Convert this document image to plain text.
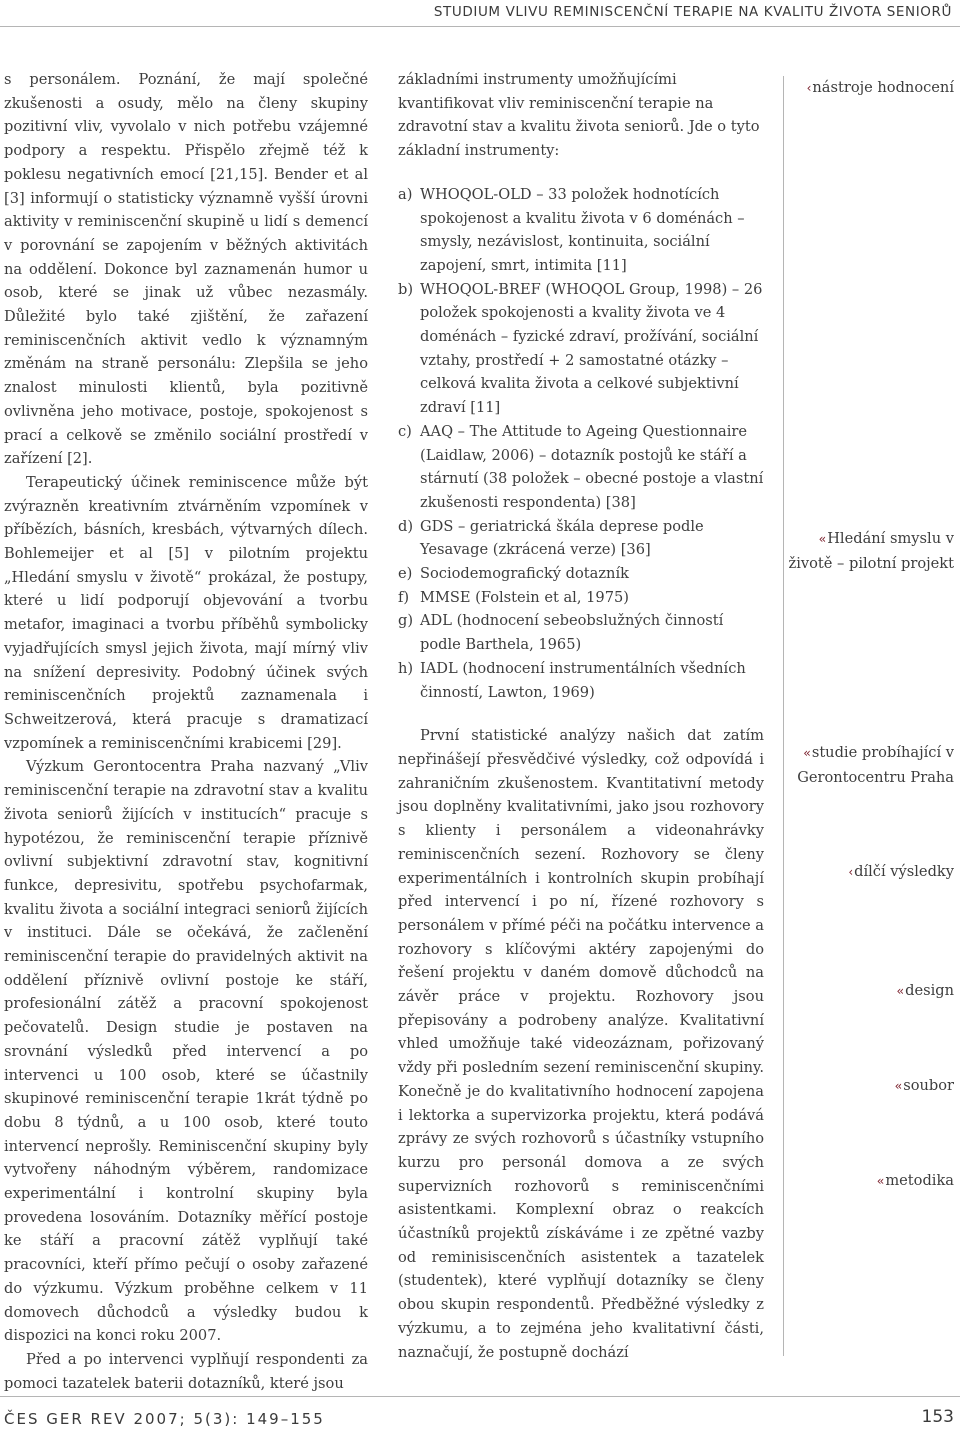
STUDIUM VLIVU REMINISCENČNÍ TERAPIE NA KVALITU ŽIVOTA SENIORŮ

s personálem. Poznání, že mají společné zkušenosti a osudy, mělo na členy skupiny pozitivní vliv, vyvolalo v nich potřebu vzájemné podpory a respektu. Přispělo zřejmě též k poklesu negativních emocí [21,15]. Bender et al [3] informují o statisticky významně vyšší úrovni aktivity v reminiscenční skupině u lidí s demencí v porovnání se zapojením v běžných aktivitách na oddělení. Dokonce byl zaznamenán humor u osob, které se jinak už vůbec nezasmály. Důležité bylo také zjištění, že zařazení reminiscenčních aktivit vedlo k významným změnám na straně personálu: Zlepšila se jeho znalost minulosti klientů, byla pozitivně ovlivněna jeho motivace, postoje, spokojenost s prací a celkově se změnilo sociální prostředí v zařízení [2].

Terapeutický účinek reminiscence může být zvýrazněn kreativním ztvárněním vzpomínek v příbězích, básních, kresbách, výtvarných dílech. Bohlemeijer et al [5] v pilotním projektu „Hledání smyslu v životě“ prokázal, že postupy, které u lidí podporují objevování a tvorbu metafor, imaginaci a tvorbu příběhů symbolicky vyjadřujících smysl jejich života, mají mírný vliv na snížení depresivity. Podobný účinek svých reminiscenčních projektů zaznamenala i Schweitzerová, která pracuje s dramatizací vzpomínek a reminiscenčními krabicemi [29].

Výzkum Gerontocentra Praha nazvaný „Vliv reminiscenční terapie na zdravotní stav a kvalitu života seniorů žijících v institucích“ pracuje s hypotézou, že reminiscenční terapie příznivě ovlivní subjektivní zdravotní stav, kognitivní funkce, depresivitu, spotřebu psychofarmak, kvalitu života a sociální integraci seniorů žijících v instituci. Dále se očekává, že začlenění reminiscenční terapie do pravidelných aktivit na oddělení příznivě ovlivní postoje ke stáří, profesionální zátěž a pracovní spokojenost pečovatelů. Design studie je postaven na srovnání výsledků před intervencí a po intervenci u 100 osob, které se účastnily skupinové reminiscenční terapie 1krát týdně po dobu 8 týdnů, a u 100 osob, které touto intervencí neprošly. Reminiscenční skupiny byly vytvořeny náhodným výběrem, randomizace experimentální i kontrolní skupiny byla provedena losováním. Dotazníky měřící postoje ke stáří a pracovní zátěž vyplňují také pracovníci, kteří přímo pečují o osoby zařazené do výzkumu. Výzkum proběhne celkem v 11 domovech důchodců a výsledky budou k dispozici na konci roku 2007.

Před a po intervenci vyplňují respondenti za pomoci tazatelek baterii dotazníků, které jsou

základními instrumenty umožňujícími kvantifikovat vliv reminiscenční terapie na zdravotní stav a kvalitu života seniorů. Jde o tyto základní instrumenty:

a) WHOQOL-OLD – 33 položek hodnotících spokojenost a kvalitu života v 6 doménách – smysly, nezávislost, kontinuita, sociální zapojení, smrt, intimita [11]
b) WHOQOL-BREF (WHOQOL Group, 1998) – 26 položek spokojenosti a kvality života ve 4 doménách – fyzické zdraví, prožívání, sociální vztahy, prostředí + 2 samostatné otázky – celková kvalita života a celkové subjektivní zdraví [11]
c) AAQ – The Attitude to Ageing Questionnaire (Laidlaw, 2006) – dotazník postojů ke stáří a stárnutí (38 položek – obecné postoje a vlastní zkušenosti respondenta) [38]
d) GDS – geriatrická škála deprese podle Yesavage (zkrácená verze) [36]
e) Sociodemografický dotazník
f) MMSE (Folstein et al, 1975)
g) ADL (hodnocení sebeobslužných činností podle Barthela, 1965)
h) IADL (hodnocení instrumentálních všedních činností, Lawton, 1969)

První statistické analýzy našich dat zatím nepřinášejí přesvědčivé výsledky, což odpovídá i zahraničním zkušenostem. Kvantitativní metody jsou doplněny kvalitativními, jako jsou rozhovory s klienty i personálem a videonahrávky reminiscenčních sezení. Rozhovory se členy experimentálních i kontrolních skupin probíhají před intervencí i po ní, řízené rozhovory s personálem v přímé péči na počátku intervence a rozhovory s klíčovými aktéry zapojenými do řešení projektu v daném domově důchodců na závěr práce v projektu. Rozhovory jsou přepisovány a podrobeny analýze. Kvalitativní vhled umožňuje také videozáznam, pořizovaný vždy při posledním sezení reminiscenční skupiny. Konečně je do kvalitativního hodnocení zapojena i lektorka a supervizorka projektu, která podává zprávy ze svých rozhovorů s účastníky vstupního kurzu pro personál domova a ze svých supervizních rozhovorů s reminiscenčními asistentkami. Komplexní obraz o reakcích účastníků projektů získáváme i ze zpětné vazby od reminisiscenčních asistentek a tazatelek (studentek), které vyplňují dotazníky se členy obou skupin respondentů. Předběžné výsledky z výzkumu, a to zejména jeho kvalitativní části, naznačují, že postupně dochází

‹ nástroje hodnocení
‹‹ Hledání smyslu v životě – pilotní projekt
‹‹ studie probíhající v Gerontocentru Praha
‹ dílčí výsledky
‹‹ design
‹‹ soubor
‹‹ metodika
ČES GER REV 2007; 5(3): 149–155	153
